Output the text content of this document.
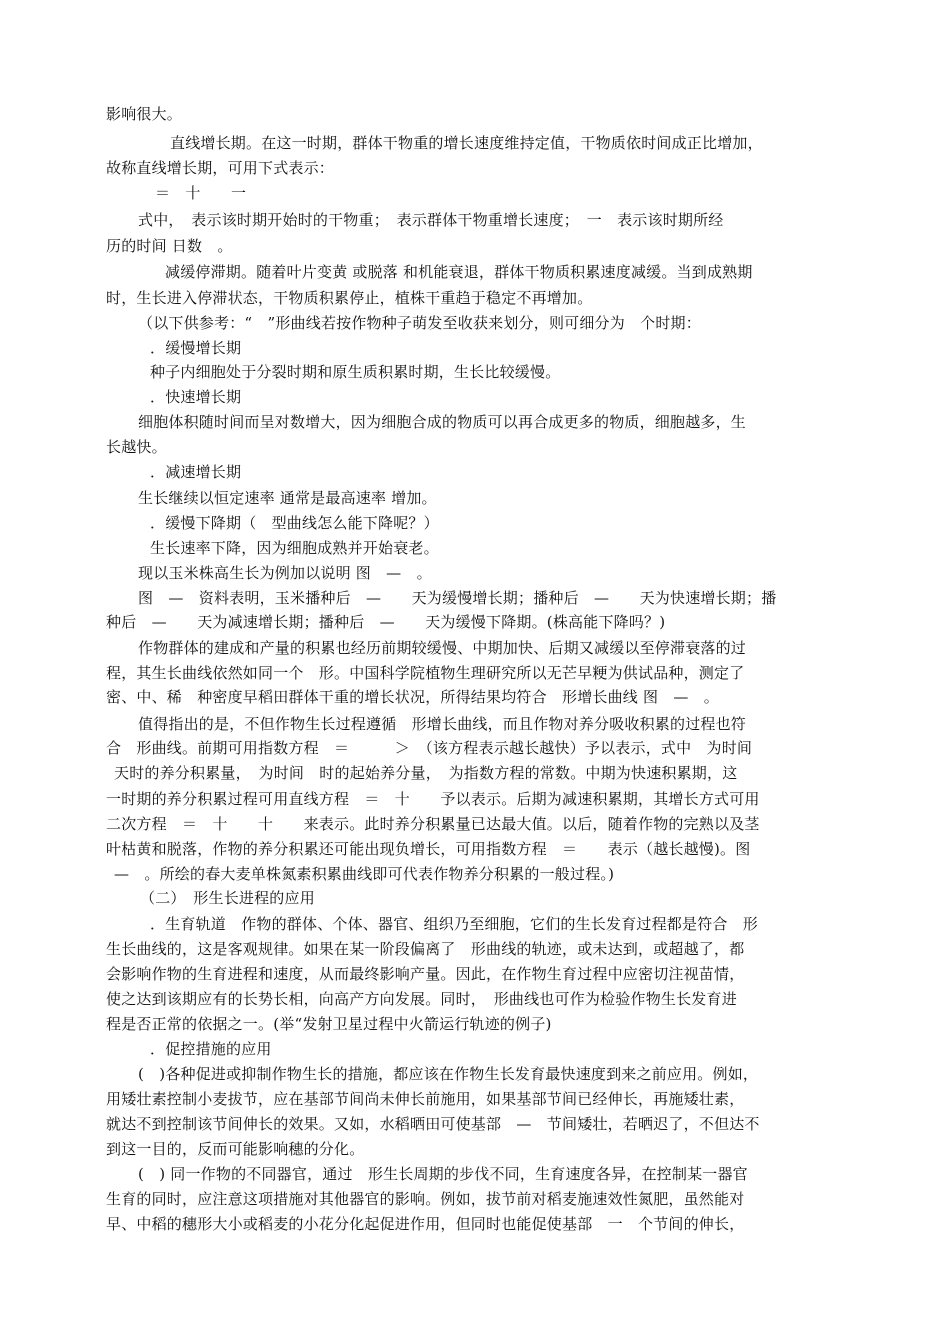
影响很大。
直线增长期。在这一时期，群体干物重的增长速度维持定值，干物质依时间成正比增加，
故称直线增长期，可用下式表示：
＝　十　　一
式中，　表示该时期开始时的干物重；　表示群体干物重增长速度；　一　表示该时期所经
历的时间 日数　。
减缓停滞期。随着叶片变黄 或脱落 和机能衰退，群体干物质积累速度减缓。当到成熟期
时，生长进入停滞状态，干物质积累停止，植株干重趋于稳定不再增加。
（以下供参考：“　”形曲线若按作物种子萌发至收获来划分，则可细分为　个时期：
．缓慢增长期
种子内细胞处于分裂时期和原生质积累时期，生长比较缓慢。
．快速增长期
细胞体积随时间而呈对数增大，因为细胞合成的物质可以再合成更多的物质，细胞越多，生
长越快。
．减速增长期
生长继续以恒定速率 通常是最高速率 增加。
．缓慢下降期（　型曲线怎么能下降呢？）
生长速率下降，因为细胞成熟并开始衰老。
现以玉米株高生长为例加以说明 图　—　。
图　—　资料表明，玉米播种后　—　　天为缓慢增长期；播种后　—　　天为快速增长期；播
种后　—　　天为减速增长期；播种后　—　　天为缓慢下降期。(株高能下降吗？)
作物群体的建成和产量的积累也经历前期较缓慢、中期加快、后期又减缓以至停滞衰落的过
程，其生长曲线依然如同一个　形。中国科学院植物生理研究所以无芒早粳为供试品种，测定了
密、中、稀　种密度早稻田群体干重的增长状况，所得结果均符合　形增长曲线 图　—　。
值得指出的是，不但作物生长过程遵循　形增长曲线，而且作物对养分吸收积累的过程也符
合　形曲线。前期可用指数方程　＝　　　＞　（该方程表示越长越快）予以表示，式中　为时间
天时的养分积累量，　为时间　时的起始养分量，　为指数方程的常数。中期为快速积累期，这
一时期的养分积累过程可用直线方程　＝　十　　予以表示。后期为减速积累期，其增长方式可用
二次方程　＝　十　　十　　来表示。此时养分积累量已达最大值。以后，随着作物的完熟以及茎
叶枯黄和脱落，作物的养分积累还可能出现负增长，可用指数方程　＝　　表示（越长越慢)。图
—　。所绘的春大麦单株氮素积累曲线即可代表作物养分积累的一般过程。)
（二）　形生长进程的应用
．生育轨道　作物的群体、个体、器官、组织乃至细胞，它们的生长发育过程都是符合　形
生长曲线的，这是客观规律。如果在某一阶段偏离了　形曲线的轨迹，或未达到，或超越了，都
会影响作物的生育进程和速度，从而最终影响产量。因此，在作物生育过程中应密切注视苗情，
使之达到该期应有的长势长相，向高产方向发展。同时，　形曲线也可作为检验作物生长发育进
程是否正常的依据之一。(举“发射卫星过程中火箭运行轨迹的例子)
．促控措施的应用
(　)各种促进或抑制作物生长的措施，都应该在作物生长发育最快速度到来之前应用。例如，
用矮壮素控制小麦拔节，应在基部节间尚未伸长前施用，如果基部节间已经伸长，再施矮壮素，
就达不到控制该节间伸长的效果。又如，水稻晒田可使基部　—　节间矮壮，若晒迟了，不但达不
到这一目的，反而可能影响穗的分化。
(　) 同一作物的不同器官，通过　形生长周期的步伐不同，生育速度各异，在控制某一器官
生育的同时，应注意这项措施对其他器官的影响。例如，拔节前对稻麦施速效性氮肥，虽然能对
早、中稻的穗形大小或稻麦的小花分化起促进作用，但同时也能促使基部　一　个节间的伸长，
